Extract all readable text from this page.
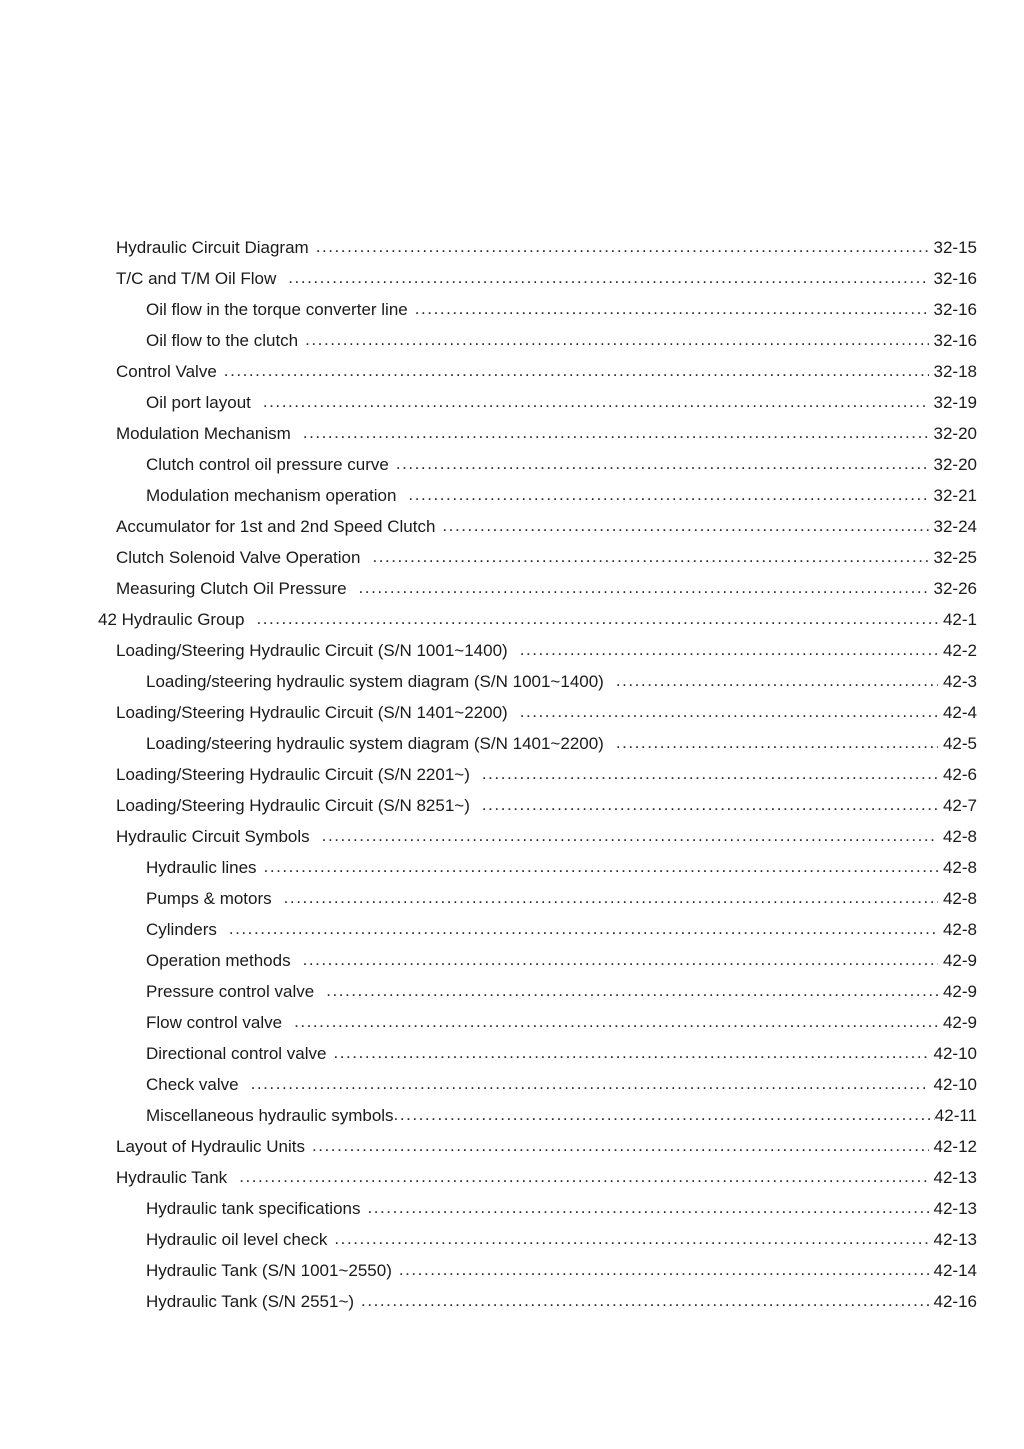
Hydraulic Circuit Diagram .....	32-15
T/C and T/M Oil Flow .....	32-16
Oil flow in the torque converter line .....	32-16
Oil flow to the clutch .....	32-16
Control Valve .....	32-18
Oil port layout .....	32-19
Modulation Mechanism .....	32-20
Clutch control oil pressure curve .....	32-20
Modulation mechanism operation .....	32-21
Accumulator for 1st and 2nd Speed Clutch .....	32-24
Clutch Solenoid Valve Operation .....	32-25
Measuring Clutch Oil Pressure .....	32-26
42 Hydraulic Group .....	42-1
Loading/Steering Hydraulic Circuit (S/N 1001~1400) .....	42-2
Loading/steering hydraulic system diagram (S/N 1001~1400) .....	42-3
Loading/Steering Hydraulic Circuit (S/N 1401~2200) .....	42-4
Loading/steering hydraulic system diagram (S/N 1401~2200) .....	42-5
Loading/Steering Hydraulic Circuit (S/N 2201~) .....	42-6
Loading/Steering Hydraulic Circuit (S/N 8251~) .....	42-7
Hydraulic Circuit Symbols .....	42-8
Hydraulic lines .....	42-8
Pumps & motors .....	42-8
Cylinders .....	42-8
Operation methods .....	42-9
Pressure control valve .....	42-9
Flow control valve .....	42-9
Directional control valve .....	42-10
Check valve .....	42-10
Miscellaneous hydraulic symbols .....	42-11
Layout of Hydraulic Units .....	42-12
Hydraulic Tank .....	42-13
Hydraulic tank specifications .....	42-13
Hydraulic oil level check .....	42-13
Hydraulic Tank (S/N 1001~2550) .....	42-14
Hydraulic Tank (S/N 2551~) .....	42-16
